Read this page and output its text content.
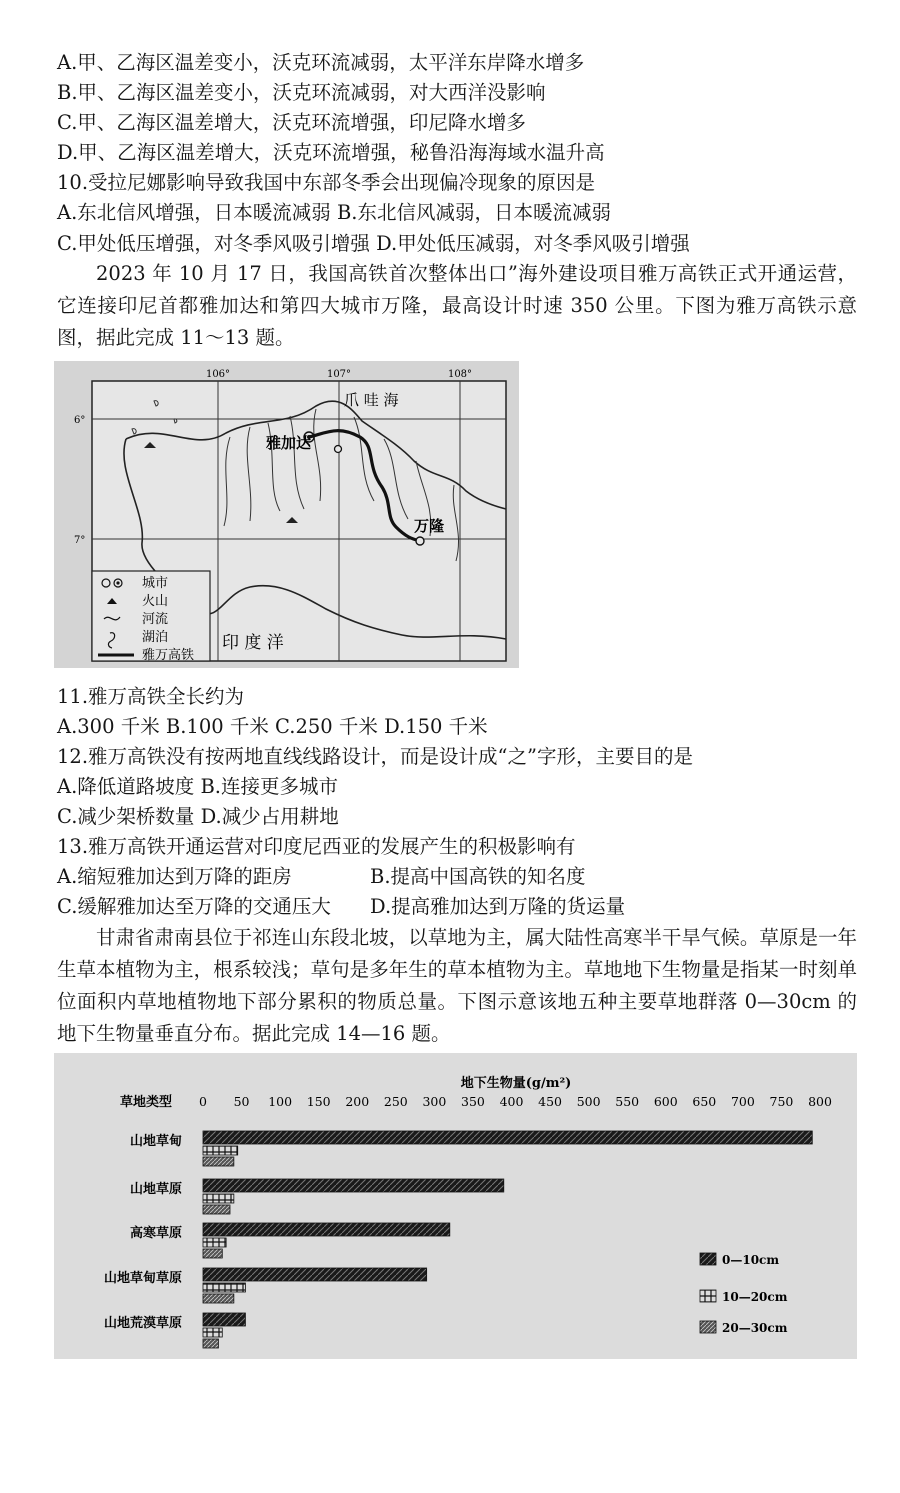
A.甲、乙海区温差变小，沃克环流减弱，太平洋东岸降水增多
B.甲、乙海区温差变小，沃克环流减弱，对大西洋没影响
C.甲、乙海区温差增大，沃克环流增强，印尼降水增多
D.甲、乙海区温差增大，沃克环流增强，秘鲁沿海海域水温升高
10.受拉尼娜影响导致我国中东部冬季会出现偏冷现象的原因是
A.东北信风增强，日本暖流减弱 B.东北信风减弱，日本暖流减弱
C.甲处低压增强，对冬季风吸引增强 D.甲处低压减弱，对冬季风吸引增强
2023 年 10 月 17 日，我国高铁首次整体出口”海外建设项目雅万高铁正式开通运营，它连接印尼首都雅加达和第四大城市万隆，最高设计时速 350 公里。下图为雅万高铁示意图，据此完成 11～13 题。
106°	107°	108°
6°
7°
爪 哇 海
雅加达
万隆
印 度 洋
城市
火山
河流
湖泊
雅万高铁
11.雅万高铁全长约为
A.300 千米 B.100 千米 C.250 千米 D.150 千米
12.雅万高铁没有按两地直线线路设计，而是设计成“之”字形，主要目的是
A.降低道路坡度 B.连接更多城市
C.减少架桥数量 D.减少占用耕地
13.雅万高铁开通运营对印度尼西亚的发展产生的积极影响有
A.缩短雅加达到万降的距房	B.提高中国高铁的知名度
C.缓解雅加达至万降的交通压大 D.提高雅加达到万隆的货运量
甘肃省肃南县位于祁连山东段北坡，以草地为主，属大陆性高寒半干旱气候。草原是一年生草本植物为主，根系较浅；草句是多年生的草本植物为主。草地地下生物量是指某一时刻单位面积内草地植物地下部分累积的物质总量。下图示意该地五种主要草地群落 0—30cm 的地下生物量垂直分布。据此完成 14—16 题。
地下生物量(g/m²)
草地类型 0 50 100 150 200 250 300 350 400 450 500 550 600 650 700 750 800
山地草甸
山地草原
高寒草原
山地草甸草原
山地荒漠草原
0—10cm
10—20cm
20—30cm
